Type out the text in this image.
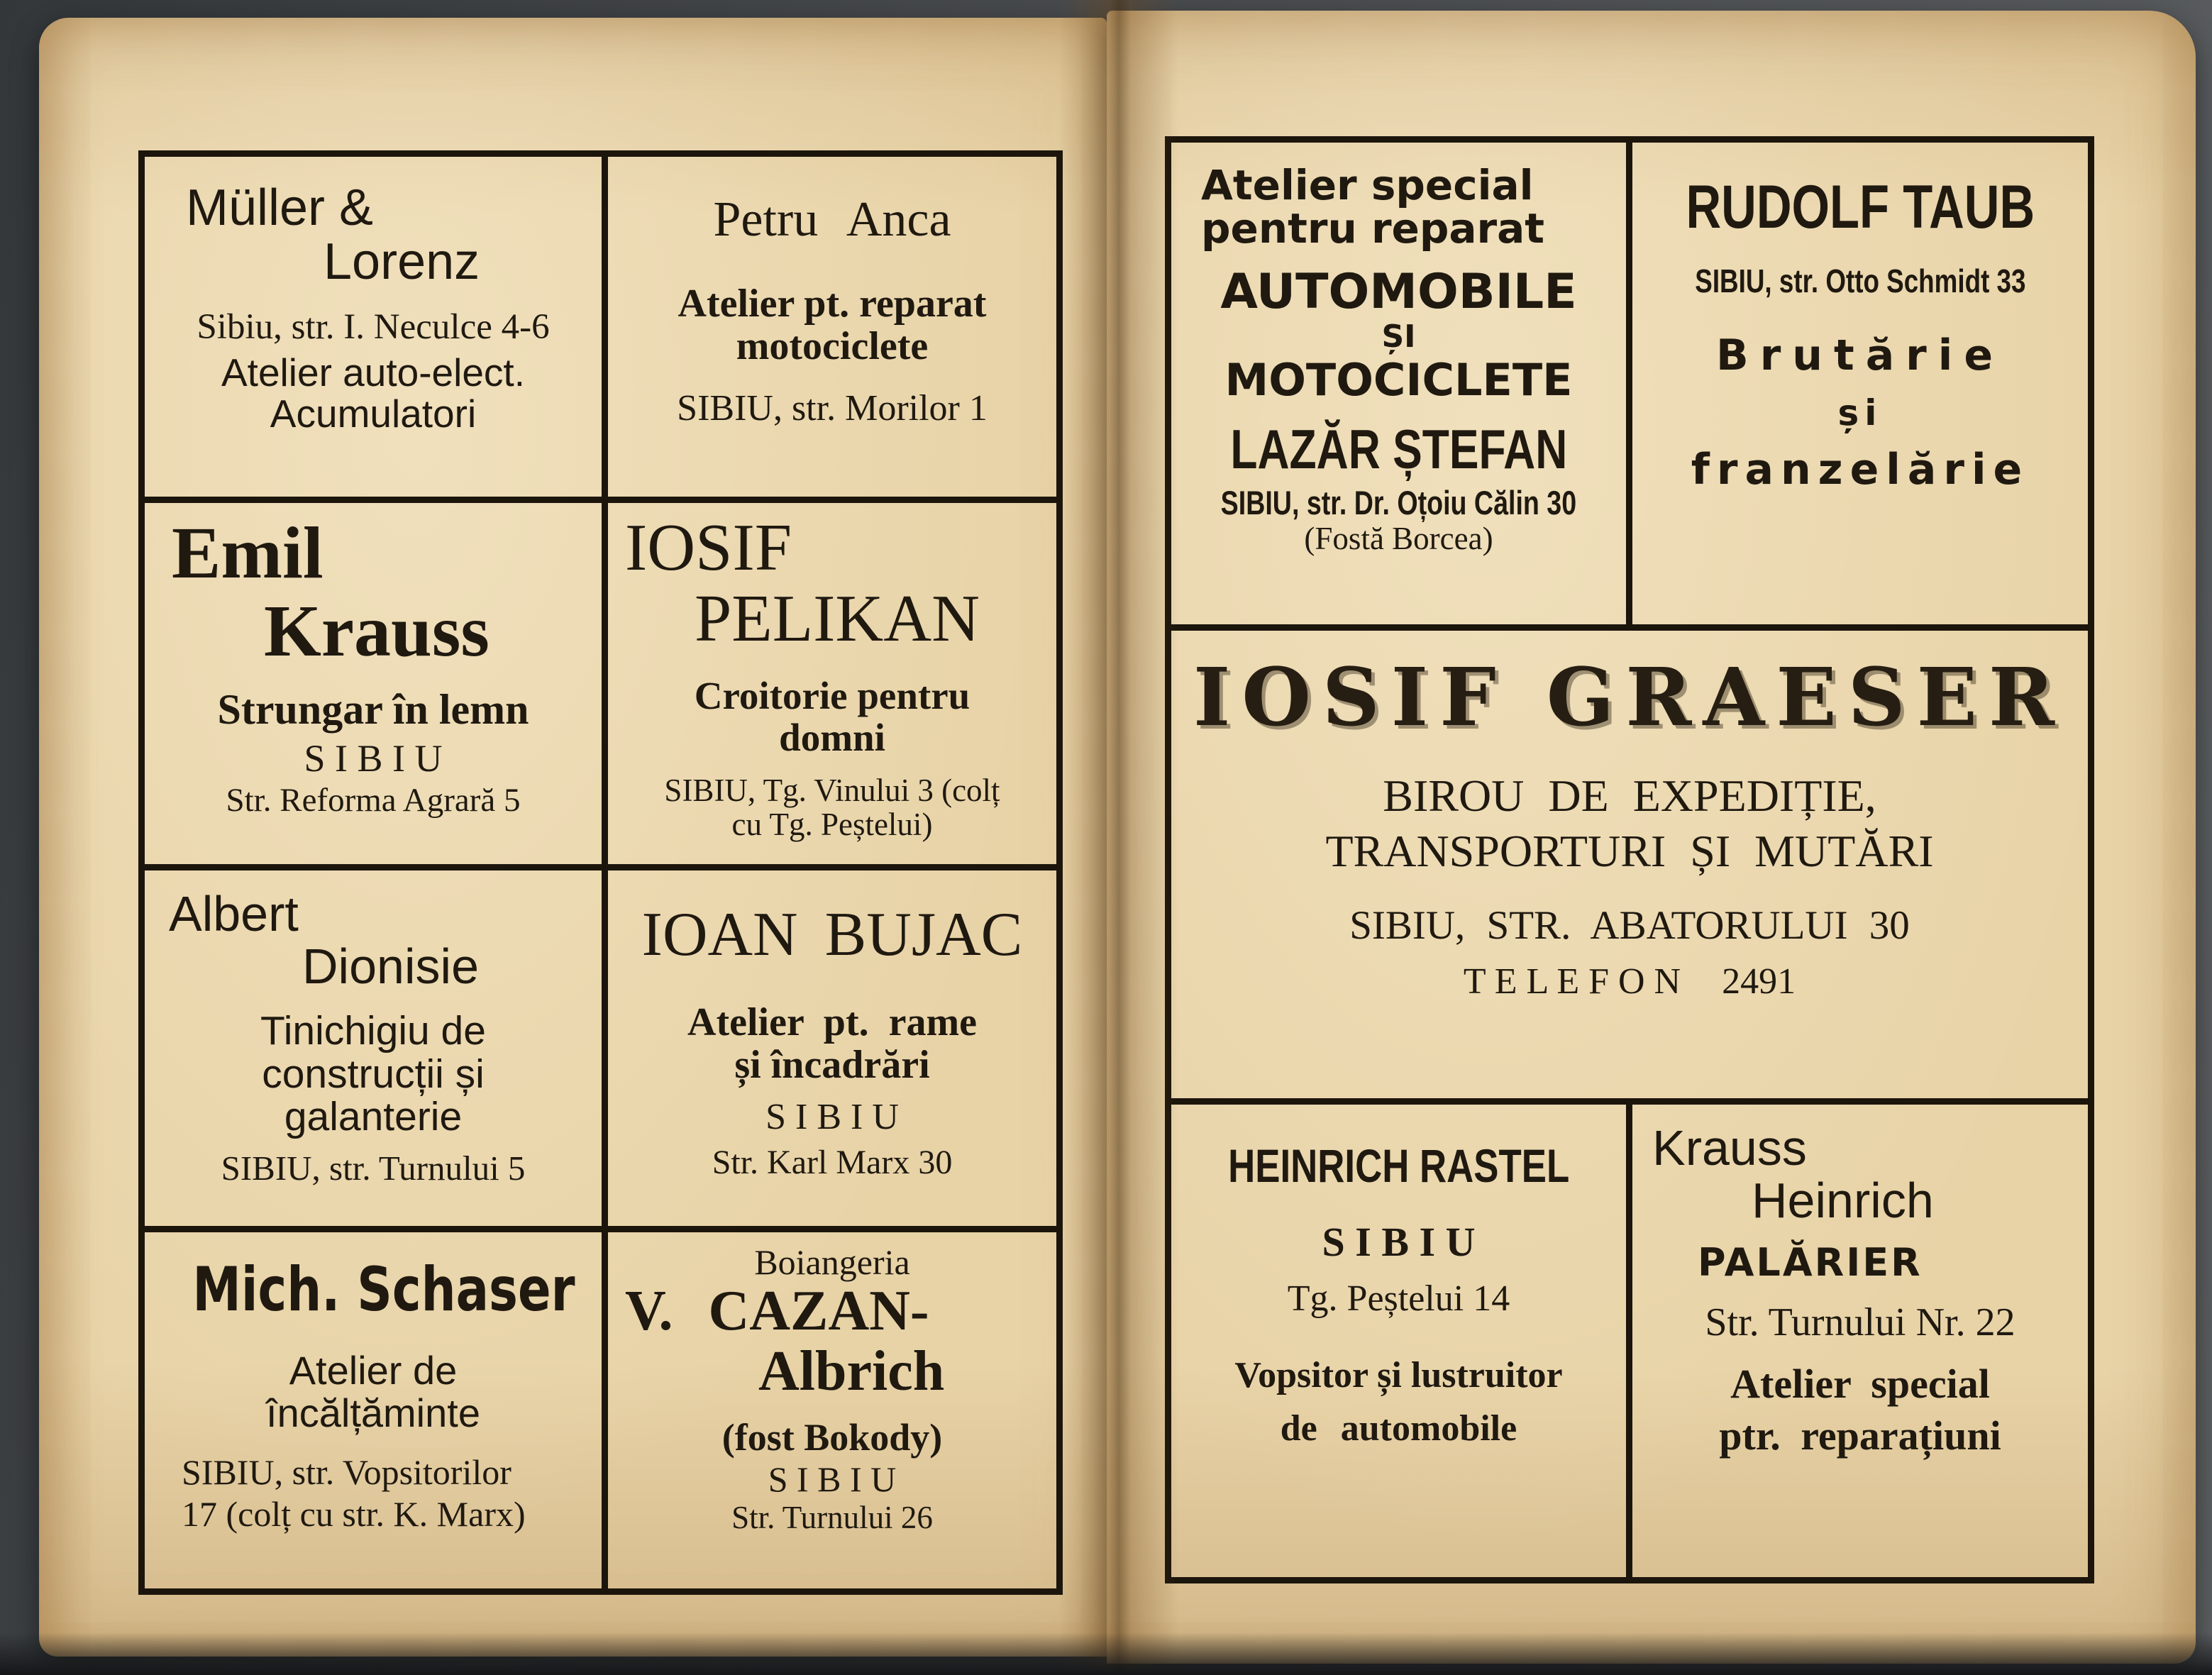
Müller &
Lorenz
Sibiu, str. I. Neculce 4-6
Atelier auto-elect.
Acumulatori
Petru Anca
Atelier pt. reparat
motociclete
SIBIU, str. Morilor 1
Emil
Krauss
Strungar în lemn
S I B I U
Str. Reforma Agrară 5
IOSIF
PELIKAN
Croitorie pentru
domni
SIBIU, Tg. Vinului 3 (colț
cu Tg. Peștelui)
Albert
Dionisie
Tinichigiu de
construcții și
galanterie
SIBIU, str. Turnului 5
IOAN BUJAC
Atelier pt. rame
și încadrări
S I B I U
Str. Karl Marx 30
Mich. Schaser
Atelier de
încălțăminte
SIBIU, str. Vopsitorilor
17 (colț cu str. K. Marx)
Boiangeria
V. CAZAN-
Albrich
(fost Bokody)
S I B I U
Str. Turnului 26
Atelier special
pentru reparat
AUTOMOBILE
ȘI
MOTOCICLETE
LAZĂR ȘTEFAN
SIBIU, str. Dr. Oțoiu Călin 30
(Fostă Borcea)
RUDOLF TAUB
SIBIU, str. Otto Schmidt 33
Brutărie
și
franzelărie
IOSIF GRAESER
BIROU DE EXPEDIȚIE,
TRANSPORTURI ȘI MUTĂRI
SIBIU, STR. ABATORULUI 30
T E L E F O N 2491
HEINRICH RASTEL
S I B I U
Tg. Peștelui 14
Vopsitor și lustruitor
de automobile
Krauss
Heinrich
PALĂRIER
Str. Turnului Nr. 22
Atelier special
ptr. reparațiuni
